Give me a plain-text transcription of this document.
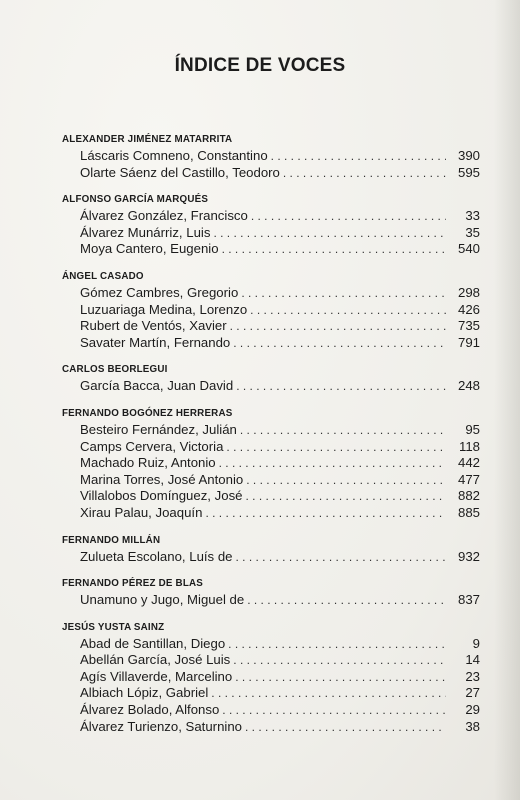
ÍNDICE DE VOCES
ALEXANDER JIMÉNEZ MATARRITA
Láscaris Comneno, Constantino . . .	390
Olarte Sáenz del Castillo, Teodoro . . .	595
ALFONSO GARCÍA MARQUÉS
Álvarez González, Francisco . . .	33
Álvarez Munárriz, Luis . . .	35
Moya Cantero, Eugenio . . .	540
ÁNGEL CASADO
Gómez Cambres, Gregorio . . .	298
Luzuariaga Medina, Lorenzo . . .	426
Rubert de Ventós, Xavier . . .	735
Savater Martín, Fernando . . .	791
CARLOS BEORLEGUI
García Bacca, Juan David . . .	248
FERNANDO BOGÓNEZ HERRERAS
Besteiro Fernández, Julián . . .	95
Camps Cervera, Victoria . . .	118
Machado Ruiz, Antonio . . .	442
Marina Torres, José Antonio . . .	477
Villalobos Domínguez, José . . .	882
Xirau Palau, Joaquín . . .	885
FERNANDO MILLÁN
Zulueta Escolano, Luís de . . .	932
FERNANDO PÉREZ DE BLAS
Unamuno y Jugo, Miguel de . . .	837
JESÚS YUSTA SAINZ
Abad de Santillan, Diego . . .	9
Abellán García, José Luis . . .	14
Agís Villaverde, Marcelino . . .	23
Albiach Lópiz, Gabriel . . .	27
Álvarez Bolado, Alfonso . . .	29
Álvarez Turienzo, Saturnino . . .	38
